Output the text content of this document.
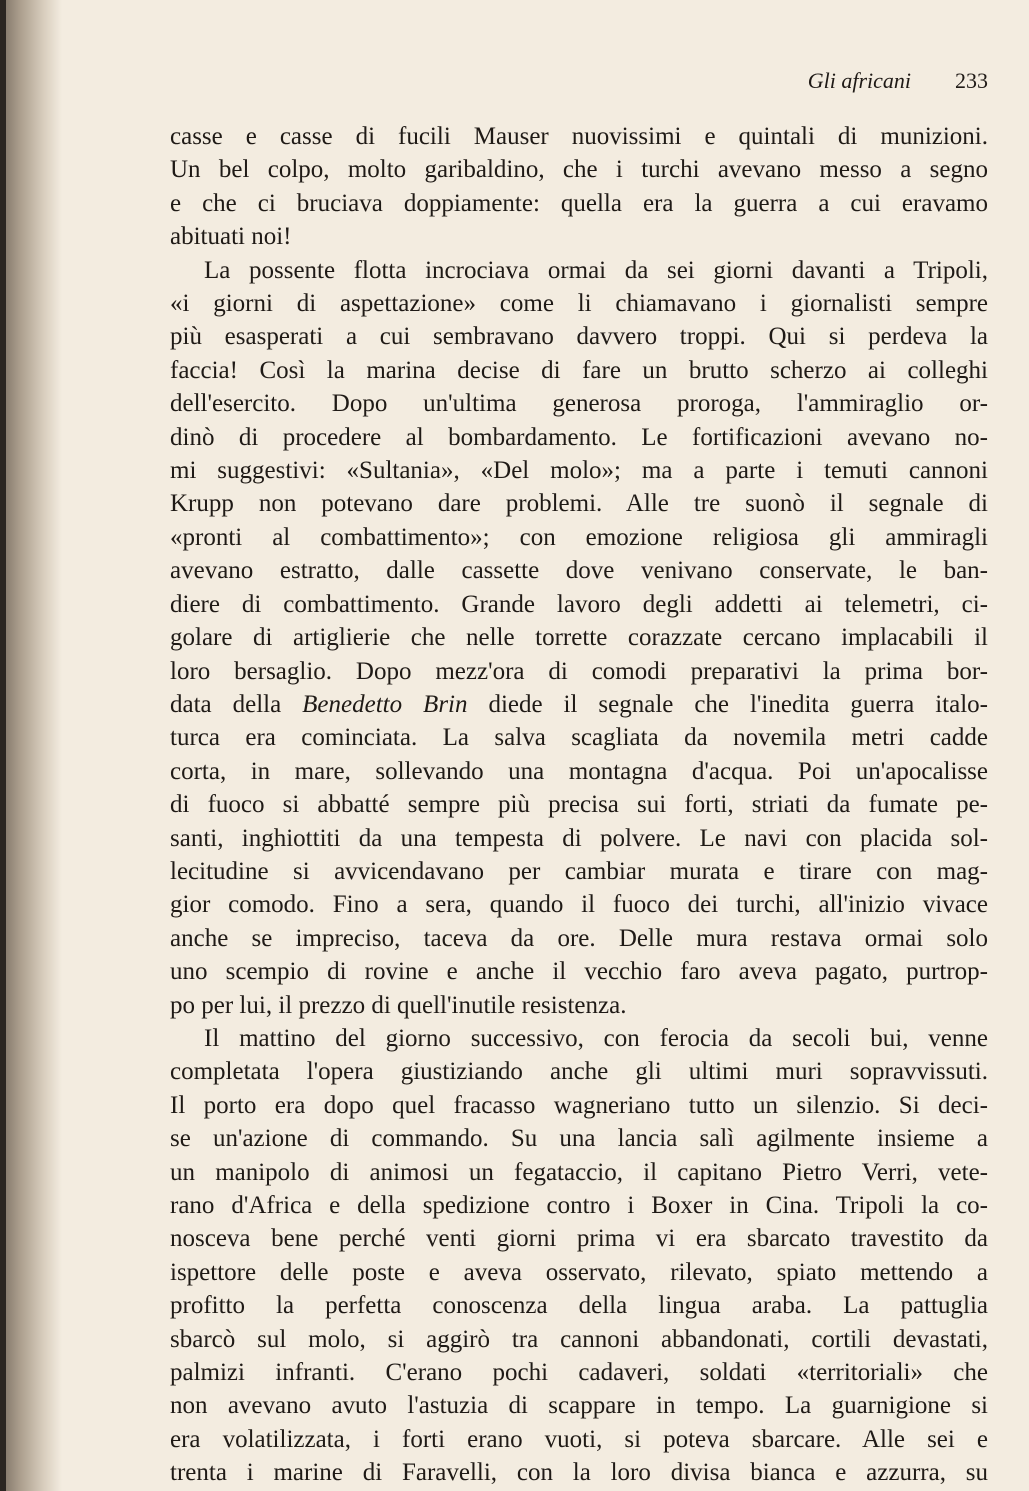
Gli africani 233
casse e casse di fucili Mauser nuovissimi e quintali di munizioni.
Un bel colpo, molto garibaldino, che i turchi avevano messo a segno
e che ci bruciava doppiamente: quella era la guerra a cui eravamo
abituati noi!
La possente flotta incrociava ormai da sei giorni davanti a Tripoli,
«i giorni di aspettazione» come li chiamavano i giornalisti sempre
più esasperati a cui sembravano davvero troppi. Qui si perdeva la
faccia! Così la marina decise di fare un brutto scherzo ai colleghi
dell'esercito. Dopo un'ultima generosa proroga, l'ammiraglio or-
dinò di procedere al bombardamento. Le fortificazioni avevano no-
mi suggestivi: «Sultania», «Del molo»; ma a parte i temuti cannoni
Krupp non potevano dare problemi. Alle tre suonò il segnale di
«pronti al combattimento»; con emozione religiosa gli ammiragli
avevano estratto, dalle cassette dove venivano conservate, le ban-
diere di combattimento. Grande lavoro degli addetti ai telemetri, ci-
golare di artiglierie che nelle torrette corazzate cercano implacabili il
loro bersaglio. Dopo mezz'ora di comodi preparativi la prima bor-
data della Benedetto Brin diede il segnale che l'inedita guerra italo-
turca era cominciata. La salva scagliata da novemila metri cadde
corta, in mare, sollevando una montagna d'acqua. Poi un'apocalisse
di fuoco si abbatté sempre più precisa sui forti, striati da fumate pe-
santi, inghiottiti da una tempesta di polvere. Le navi con placida sol-
lecitudine si avvicendavano per cambiar murata e tirare con mag-
gior comodo. Fino a sera, quando il fuoco dei turchi, all'inizio vivace
anche se impreciso, taceva da ore. Delle mura restava ormai solo
uno scempio di rovine e anche il vecchio faro aveva pagato, purtrop-
po per lui, il prezzo di quell'inutile resistenza.
Il mattino del giorno successivo, con ferocia da secoli bui, venne
completata l'opera giustiziando anche gli ultimi muri sopravvissuti.
Il porto era dopo quel fracasso wagneriano tutto un silenzio. Si deci-
se un'azione di commando. Su una lancia salì agilmente insieme a
un manipolo di animosi un fegataccio, il capitano Pietro Verri, vete-
rano d'Africa e della spedizione contro i Boxer in Cina. Tripoli la co-
nosceva bene perché venti giorni prima vi era sbarcato travestito da
ispettore delle poste e aveva osservato, rilevato, spiato mettendo a
profitto la perfetta conoscenza della lingua araba. La pattuglia
sbarcò sul molo, si aggirò tra cannoni abbandonati, cortili devastati,
palmizi infranti. C'erano pochi cadaveri, soldati «territoriali» che
non avevano avuto l'astuzia di scappare in tempo. La guarnigione si
era volatilizzata, i forti erano vuoti, si poteva sbarcare. Alle sei e
trenta i marine di Faravelli, con la loro divisa bianca e azzurra, su
